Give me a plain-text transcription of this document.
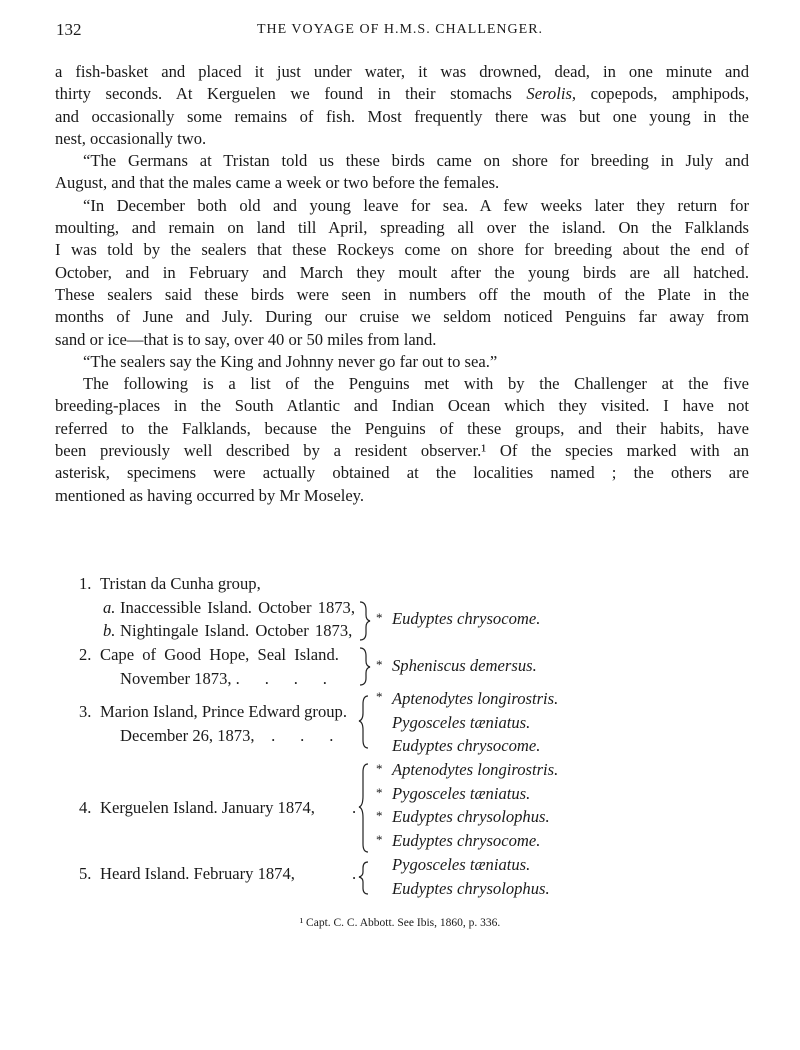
132	THE VOYAGE OF H.M.S. CHALLENGER.
a fish-basket and placed it just under water, it was drowned, dead, in one minute and
thirty seconds. At Kerguelen we found in their stomachs Serolis, copepods, amphipods,
and occasionally some remains of fish. Most frequently there was but one young in the
nest, occasionally two.
“The Germans at Tristan told us these birds came on shore for breeding in July and
August, and that the males came a week or two before the females.
“In December both old and young leave for sea. A few weeks later they return for
moulting, and remain on land till April, spreading all over the island. On the Falklands
I was told by the sealers that these Rockeys come on shore for breeding about the end of
October, and in February and March they moult after the young birds are all hatched.
These sealers said these birds were seen in numbers off the mouth of the Plate in the
months of June and July. During our cruise we seldom noticed Penguins far away from
sand or ice—that is to say, over 40 or 50 miles from land.
“The sealers say the King and Johnny never go far out to sea.”
The following is a list of the Penguins met with by the Challenger at the five
breeding-places in the South Atlantic and Indian Ocean which they visited. I have not
referred to the Falklands, because the Penguins of these groups, and their habits, have
been previously well described by a resident observer.¹ Of the species marked with an
asterisk, specimens were actually obtained at the localities named ; the others are
mentioned as having occurred by Mr Moseley.
1. Tristan da Cunha group,
a. Inaccessible Island. October 1873,
b. Nightingale Island. October 1873,
2. Cape of Good Hope, Seal Island.
November 1873, .      .      .      .
3. Marion Island, Prince Edward group.
December 26, 1873,    .      .      .
4. Kerguelen Island. January 1874, .
5. Heard Island. February 1874,	.
* Eudyptes chrysocome.
* Spheniscus demersus.
* Aptenodytes longirostris.
Pygosceles tæniatus.
Eudyptes chrysocome.
* Aptenodytes longirostris.
* Pygosceles tæniatus.
* Eudyptes chrysolophus.
* Eudyptes chrysocome.
Pygosceles tæniatus.
Eudyptes chrysolophus.
¹ Capt. C. C. Abbott. See Ibis, 1860, p. 336.
